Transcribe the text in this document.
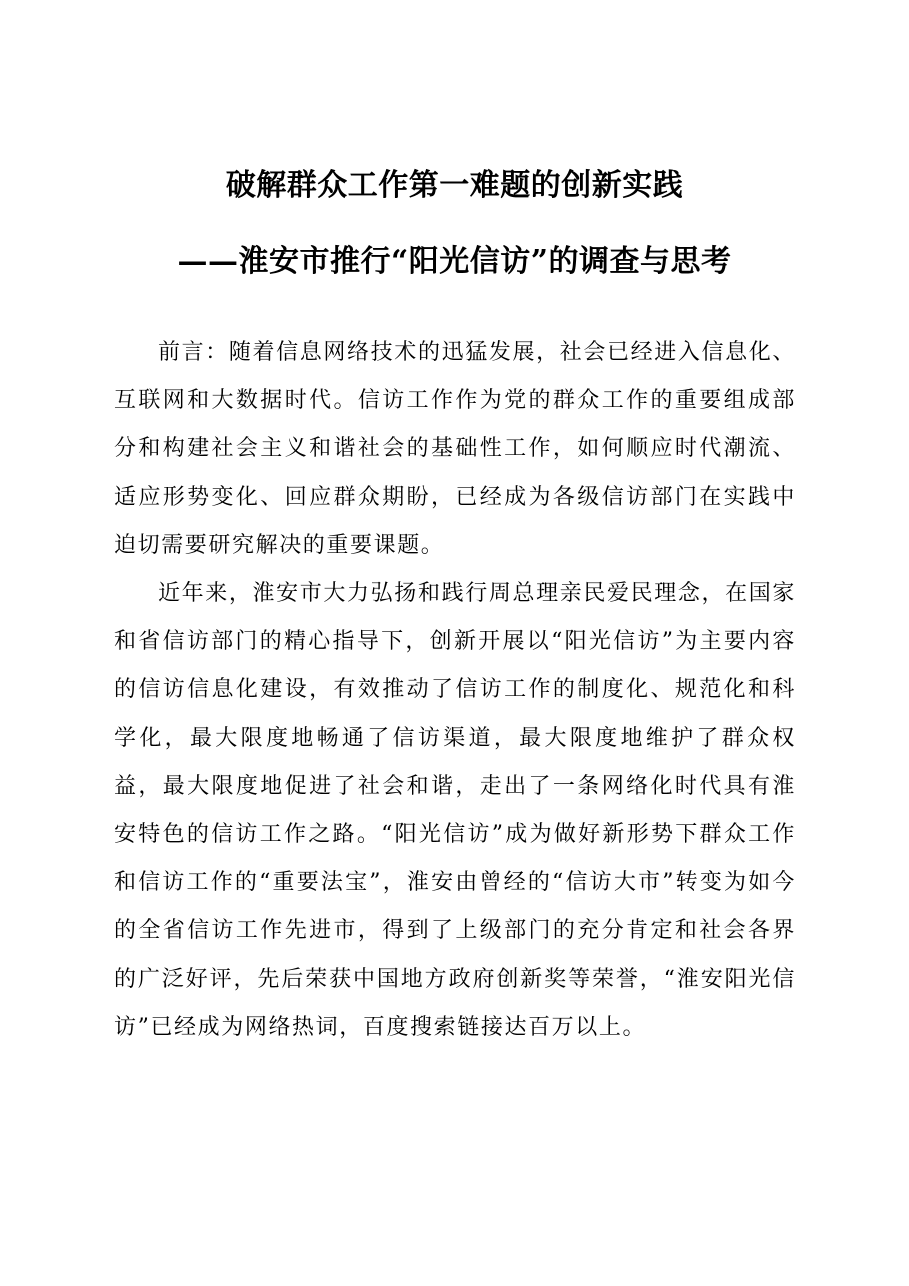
破解群众工作第一难题的创新实践
——淮安市推行“阳光信访”的调查与思考

前言：随着信息网络技术的迅猛发展，社会已经进入信息化、互联网和大数据时代。信访工作作为党的群众工作的重要组成部分和构建社会主义和谐社会的基础性工作，如何顺应时代潮流、适应形势变化、回应群众期盼，已经成为各级信访部门在实践中迫切需要研究解决的重要课题。

近年来，淮安市大力弘扬和践行周总理亲民爱民理念，在国家和省信访部门的精心指导下，创新开展以“阳光信访”为主要内容的信访信息化建设，有效推动了信访工作的制度化、规范化和科学化，最大限度地畅通了信访渠道，最大限度地维护了群众权益，最大限度地促进了社会和谐，走出了一条网络化时代具有淮安特色的信访工作之路。“阳光信访”成为做好新形势下群众工作和信访工作的“重要法宝”，淮安由曾经的“信访大市”转变为如今的全省信访工作先进市，得到了上级部门的充分肯定和社会各界的广泛好评，先后荣获中国地方政府创新奖等荣誉，“淮安阳光信访”已经成为网络热词，百度搜索链接达百万以上。
